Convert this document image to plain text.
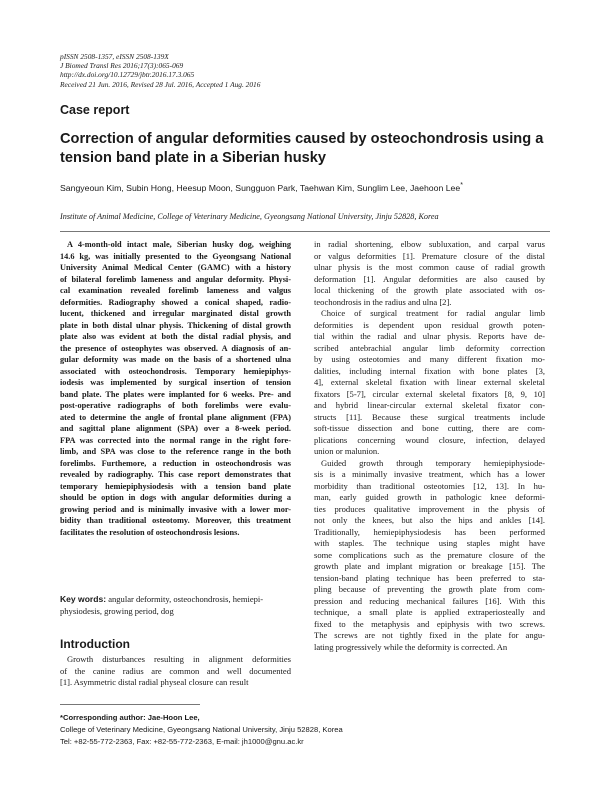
pISSN 2508-1357, eISSN 2508-139X
J Biomed Transl Res 2016;17(3):065-069
http://dx.doi.org/10.12729/jbtr.2016.17.3.065
Received 21 Jun. 2016, Revised 28 Jul. 2016, Accepted 1 Aug. 2016
Case report
Correction of angular deformities caused by osteochondrosis using a tension band plate in a Siberian husky
Sangyeoun Kim, Subin Hong, Heesup Moon, Sungguon Park, Taehwan Kim, Sunglim Lee, Jaehoon Lee*
Institute of Animal Medicine, College of Veterinary Medicine, Gyeongsang National University, Jinju 52828, Korea
A 4-month-old intact male, Siberian husky dog, weighing
14.6 kg, was initially presented to the Gyeongsang National
University Animal Medical Center (GAMC) with a history
of bilateral forelimb lameness and angular deformity. Physi-
cal examination revealed forelimb lameness and valgus
deformities. Radiography showed a conical shaped, radio-
lucent, thickened and irregular marginated distal growth
plate in both distal ulnar physis. Thickening of distal growth
plate also was evident at both the distal radial physis, and
the presence of osteophytes was observed. A diagnosis of an-
gular deformity was made on the basis of a shortened ulna
associated with osteochondrosis. Temporary hemiepiphys-
iodesis was implemented by surgical insertion of tension
band plate. The plates were implanted for 6 weeks. Pre- and
post-operative radiographs of both forelimbs were evalu-
ated to determine the angle of frontal plane alignment (FPA)
and sagittal plane alignment (SPA) over a 8-week period.
FPA was corrected into the normal range in the right fore-
limb, and SPA was close to the reference range in the both
forelimbs. Furthemore, a reduction in osteochondrosis was
revealed by radiography. This case report demonstrates that
temporary hemiepiphysiodesis with a tension band plate
should be option in dogs with angular deformities during a
growing period and is minimally invasive with a lower mor-
bidity than traditional osteotomy. Moreover, this treatment
facilitates the resolution of osteochondrosis lesions.
Key words: angular deformity, osteochondrosis, hemiepi-
physiodesis, growing period, dog
Introduction
Growth disturbances resulting in alignment deformities
of the canine radius are common and well documented
[1]. Asymmetric distal radial physeal closure can result
in radial shortening, elbow subluxation, and carpal varus
or valgus deformities [1]. Premature closure of the distal
ulnar physis is the most common cause of radial growth
deformation [1]. Angular deformities are also caused by
local thickening of the growth plate associated with os-
teochondrosis in the radius and ulna [2].
Choice of surgical treatment for radial angular limb
deformities is dependent upon residual growth poten-
tial within the radial and ulnar physis. Reports have de-
scribed antebrachial angular limb deformity correction
by using osteotomies and many different fixation mo-
dalities, including internal fixation with bone plates [3,
4], external skeletal fixation with linear external skeletal
fixators [5-7], circular external skeletal fixators [8, 9, 10]
and hybrid linear-circular external skeletal fixator con-
structs [11]. Because these surgical treatments include
soft-tissue dissection and bone cutting, there are com-
plications concerning wound closure, infection, delayed
union or malunion.
Guided growth through temporary hemiepiphysiode-
sis is a minimally invasive treatment, which has a lower
morbidity than traditional osteotomies [12, 13]. In hu-
man, early guided growth in pathologic knee deformi-
ties produces qualitative improvement in the physis of
not only the knees, but also the hips and ankles [14].
Traditionally, hemiepiphysiodesis has been performed
with staples. The technique using staples might have
some complications such as the premature closure of the
growth plate and implant migration or breakage [15]. The
tension-band plating technique has been preferred to sta-
pling because of preventing the growth plate from com-
pression and reducing mechanical failures [16]. With this
technique, a small plate is applied extraperiosteally and
fixed to the metaphysis and epiphysis with two screws.
The screws are not tightly fixed in the plate for angu-
lating progressively while the deformity is corrected. An
*Corresponding author: Jae-Hoon Lee,
College of Veterinary Medicine, Gyeongsang National University, Jinju 52828, Korea
Tel: +82-55-772-2363, Fax: +82-55-772-2363, E-mail: jh1000@gnu.ac.kr
